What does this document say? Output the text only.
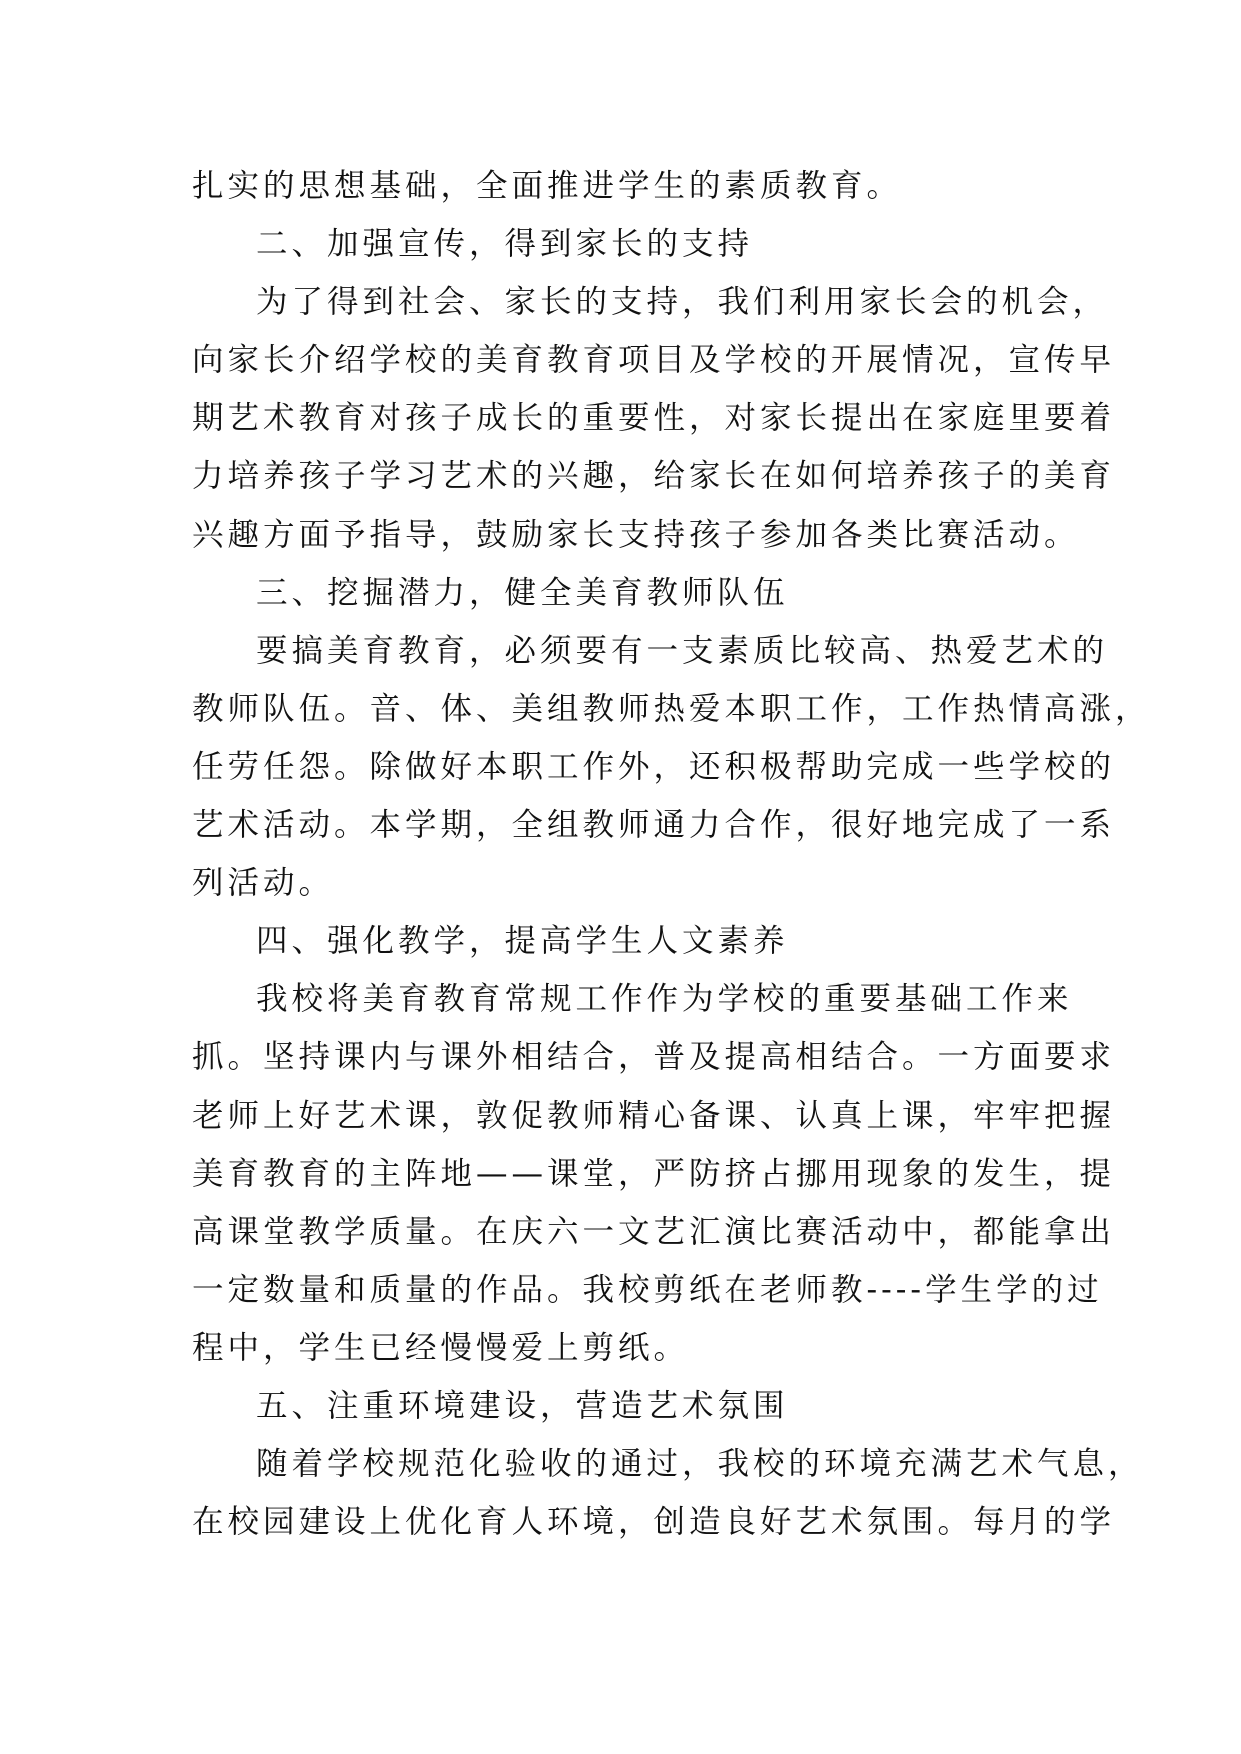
扎实的思想基础，全面推进学生的素质教育。
二、加强宣传，得到家长的支持
为了得到社会、家长的支持，我们利用家长会的机会，
向家长介绍学校的美育教育项目及学校的开展情况，宣传早
期艺术教育对孩子成长的重要性，对家长提出在家庭里要着
力培养孩子学习艺术的兴趣，给家长在如何培养孩子的美育
兴趣方面予指导，鼓励家长支持孩子参加各类比赛活动。
三、挖掘潜力，健全美育教师队伍
要搞美育教育，必须要有一支素质比较高、热爱艺术的
教师队伍。音、体、美组教师热爱本职工作，工作热情高涨，
任劳任怨。除做好本职工作外，还积极帮助完成一些学校的
艺术活动。本学期，全组教师通力合作，很好地完成了一系
列活动。
四、强化教学，提高学生人文素养
我校将美育教育常规工作作为学校的重要基础工作来
抓。坚持课内与课外相结合，普及提高相结合。一方面要求
老师上好艺术课，敦促教师精心备课、认真上课，牢牢把握
美育教育的主阵地——课堂，严防挤占挪用现象的发生，提
高课堂教学质量。在庆六一文艺汇演比赛活动中，都能拿出
一定数量和质量的作品。我校剪纸在老师教----学生学的过
程中，学生已经慢慢爱上剪纸。
五、注重环境建设，营造艺术氛围
随着学校规范化验收的通过，我校的环境充满艺术气息，
在校园建设上优化育人环境，创造良好艺术氛围。每月的学
